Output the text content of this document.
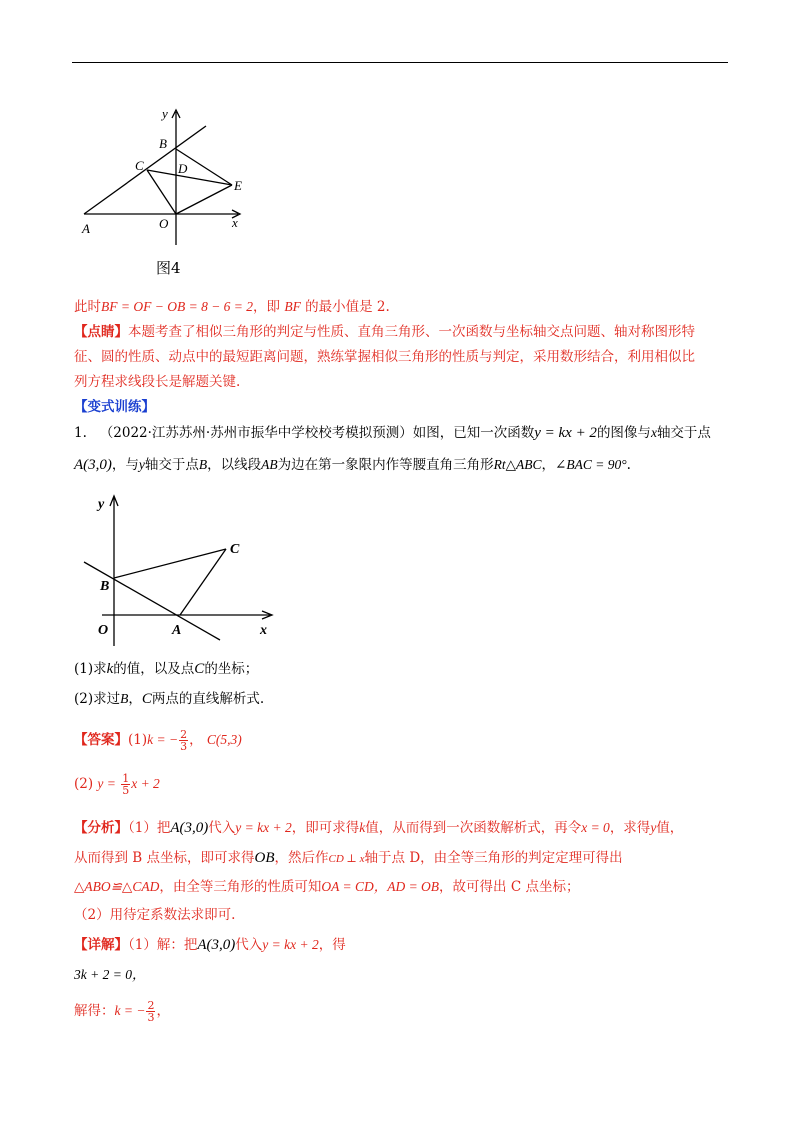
y
x
B
C	D
E
A	O
图4
此时BF = OF − OB = 8 − 6 = 2，即 BF 的最小值是 2.
【点睛】本题考查了相似三角形的判定与性质、直角三角形、一次函数与坐标轴交点问题、轴对称图形特
征、圆的性质、动点中的最短距离问题，熟练掌握相似三角形的性质与判定，采用数形结合，利用相似比
列方程求线段长是解题关键.
【变式训练】
1. （2022·江苏苏州·苏州市振华中学校校考模拟预测）如图，已知一次函数y = kx + 2的图像与x轴交于点
A(3,0)，与y轴交于点B，以线段AB为边在第一象限内作等腰直角三角形Rt△ABC，∠BAC = 90°.
y
x
B
C
A
O
(1)求k的值，以及点C的坐标；
(2)求过B，C两点的直线解析式.
【答案】(1)k = − $\frac{2}{3}$ ， C(5,3)
(2) $y = \frac{1}{5}$ x + 2
【分析】（1）把A(3,0)代入y = kx + 2，即可求得k值，从而得到一次函数解析式，再令x = 0，求得y值，
从而得到 B 点坐标，即可求得OB，然后作CD ⊥ x轴于点 D，由全等三角形的判定定理可得出
△ABO≌△CAD，由全等三角形的性质可知OA = CD，AD = OB，故可得出 C 点坐标；
（2）用待定系数法求即可.
【详解】（1）解：把A(3,0)代入y = kx + 2，得
3k + 2 = 0，
解得：k = − $\frac{2}{3}$ ，
